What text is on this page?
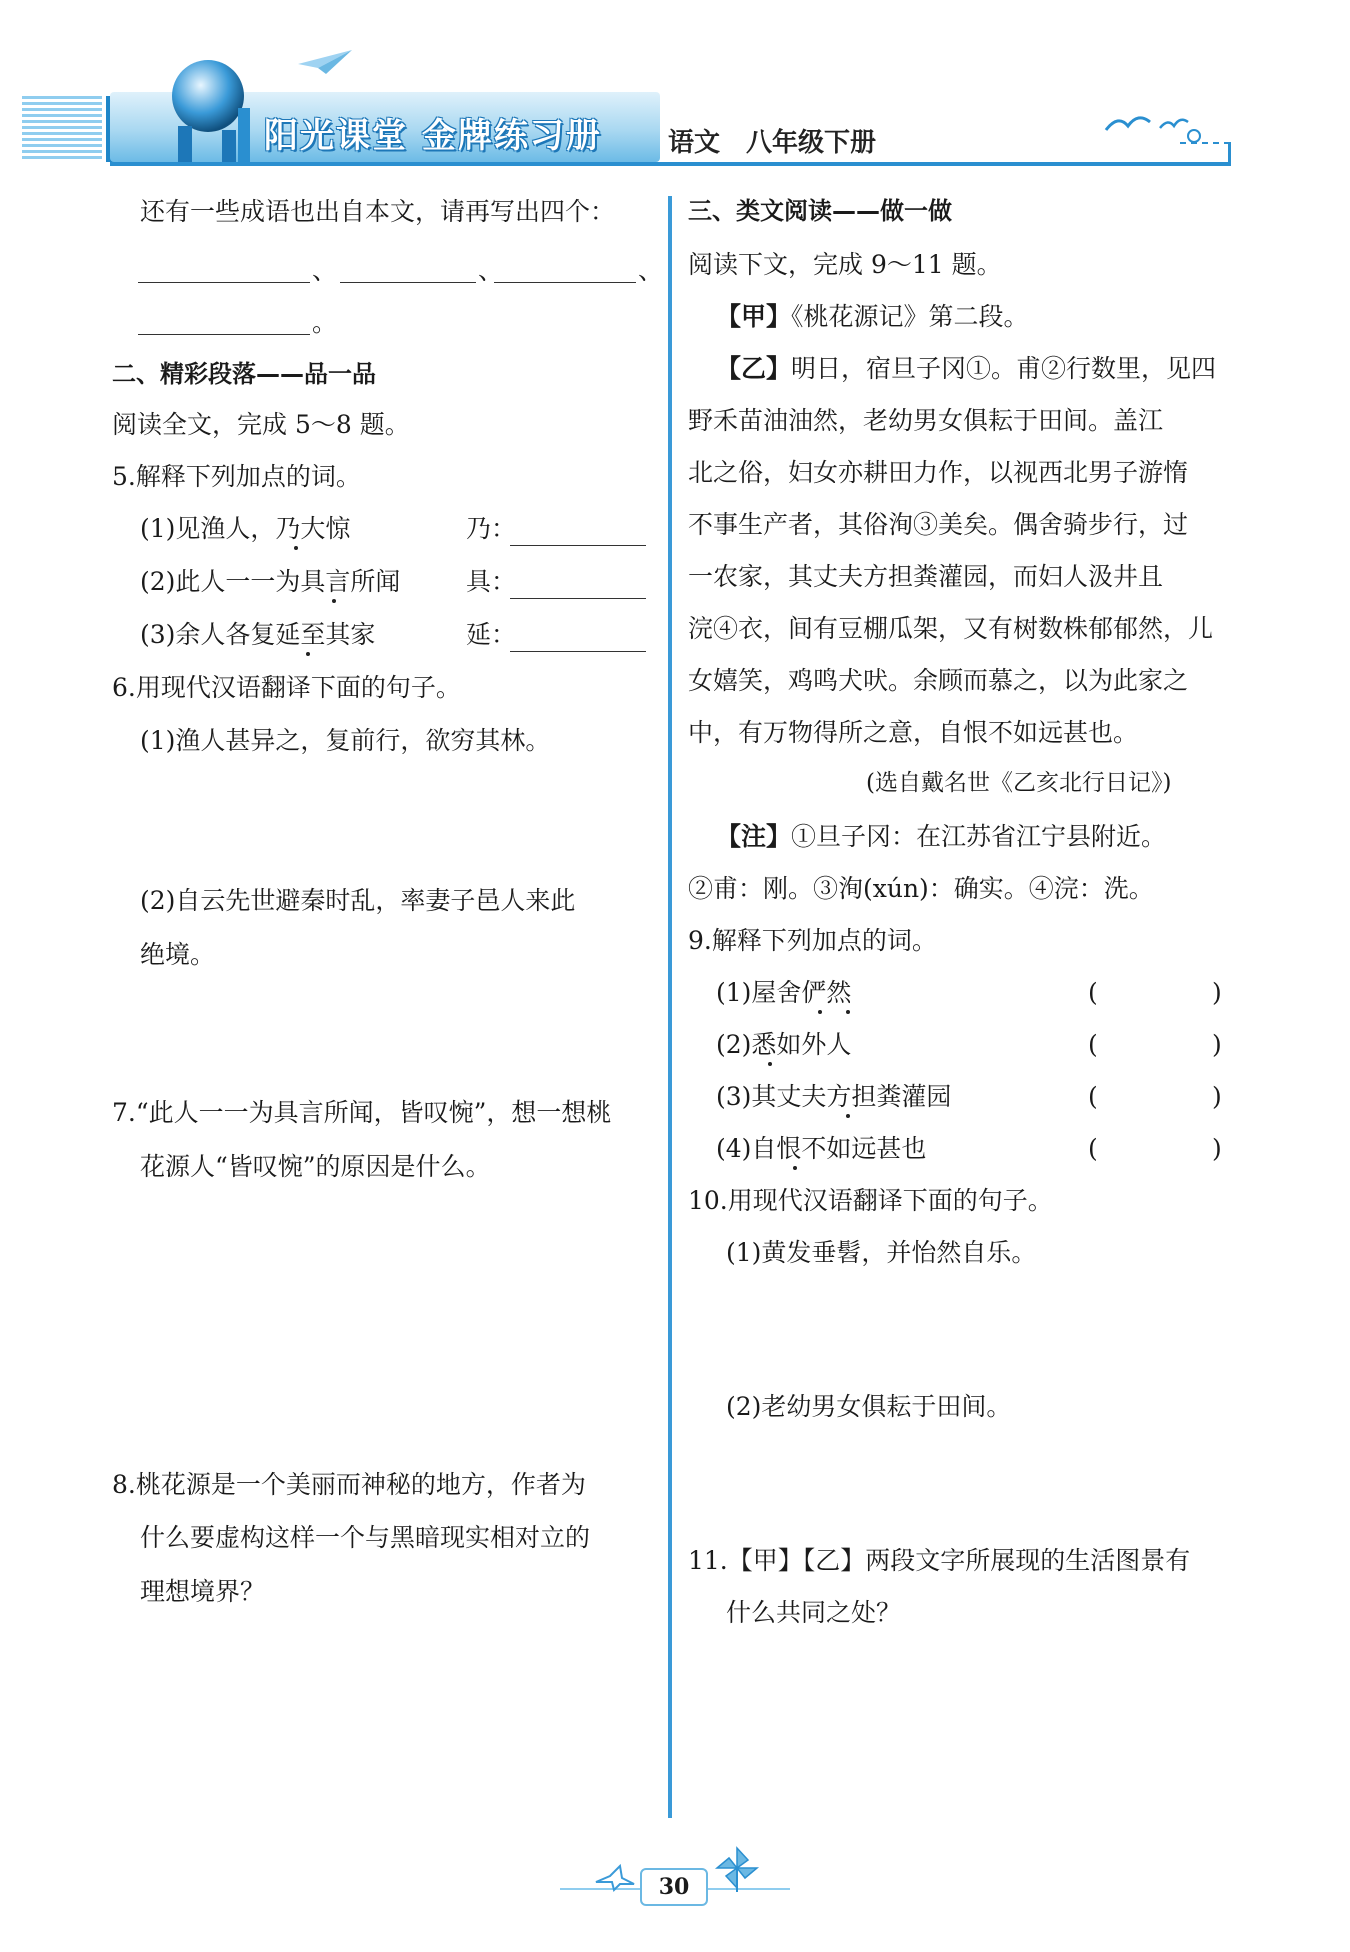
阳光课堂 金牌练习册	语文　八年级下册
还有一些成语也出自本文，请再写出四个：
、	、	、
。
二、精彩段落——品一品
阅读全文，完成 5～8 题。
5.解释下列加点的词。
(1)见渔人，乃大惊	乃：
(2)此人一一为具言所闻	具：
(3)余人各复延至其家	延：
6.用现代汉语翻译下面的句子。
(1)渔人甚异之，复前行，欲穷其林。
(2)自云先世避秦时乱，率妻子邑人来此
绝境。
7.“此人一一为具言所闻，皆叹惋”，想一想桃
花源人“皆叹惋”的原因是什么。
8.桃花源是一个美丽而神秘的地方，作者为
什么要虚构这样一个与黑暗现实相对立的
理想境界？
三、类文阅读——做一做
阅读下文，完成 9～11 题。
【甲】《桃花源记》第二段。
【乙】明日，宿旦子冈①。甫②行数里，见四
野禾苗油油然，老幼男女俱耘于田间。盖江
北之俗，妇女亦耕田力作，以视西北男子游惰
不事生产者，其俗洵③美矣。偶舍骑步行，过
一农家，其丈夫方担粪灌园，而妇人汲井且
浣④衣，间有豆棚瓜架，又有树数株郁郁然，儿
女嬉笑，鸡鸣犬吠。余顾而慕之，以为此家之
中，有万物得所之意，自恨不如远甚也。
(选自戴名世《乙亥北行日记》)
【注】①旦子冈：在江苏省江宁县附近。
②甫：刚。③洵(xún)：确实。④浣：洗。
9.解释下列加点的词。
(1)屋舍俨然	(	)
(2)悉如外人	(	)
(3)其丈夫方担粪灌园	(	)
(4)自恨不如远甚也	(	)
10.用现代汉语翻译下面的句子。
(1)黄发垂髫，并怡然自乐。
(2)老幼男女俱耘于田间。
11.【甲】【乙】两段文字所展现的生活图景有
什么共同之处？
30
